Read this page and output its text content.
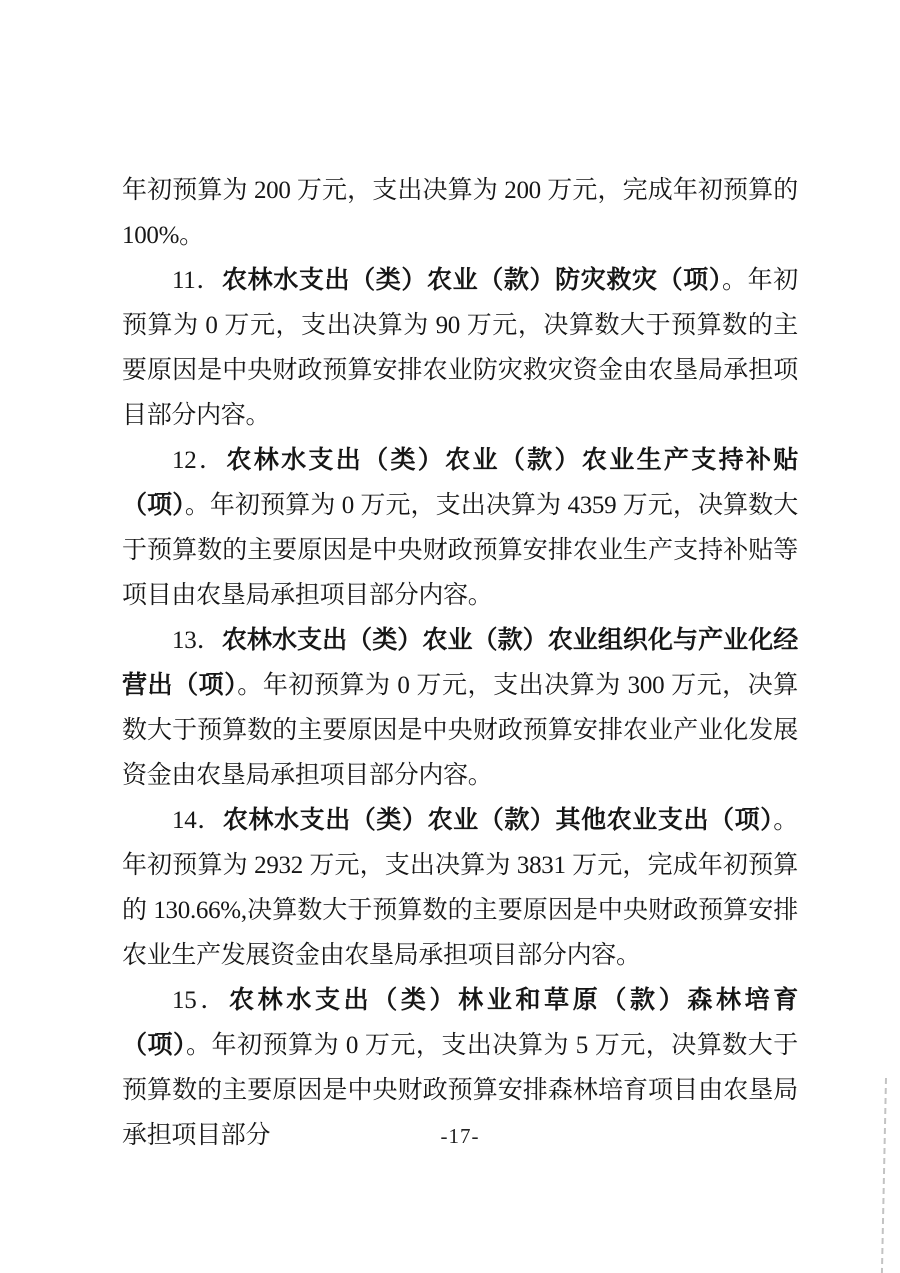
年初预算为 200 万元，支出决算为 200 万元，完成年初预算的 100%。

11．农林水支出（类）农业（款）防灾救灾（项）。年初预算为 0 万元，支出决算为 90 万元，决算数大于预算数的主要原因是中央财政预算安排农业防灾救灾资金由农垦局承担项目部分内容。

12．农林水支出（类）农业（款）农业生产支持补贴（项）。年初预算为 0 万元，支出决算为 4359 万元，决算数大于预算数的主要原因是中央财政预算安排农业生产支持补贴等项目由农垦局承担项目部分内容。

13．农林水支出（类）农业（款）农业组织化与产业化经营出（项）。年初预算为 0 万元，支出决算为 300 万元，决算数大于预算数的主要原因是中央财政预算安排农业产业化发展资金由农垦局承担项目部分内容。

14．农林水支出（类）农业（款）其他农业支出（项）。年初预算为 2932 万元，支出决算为 3831 万元，完成年初预算的 130.66%,决算数大于预算数的主要原因是中央财政预算安排农业生产发展资金由农垦局承担项目部分内容。

15．农林水支出（类）林业和草原（款）森林培育（项）。年初预算为 0 万元，支出决算为 5 万元，决算数大于预算数的主要原因是中央财政预算安排森林培育项目由农垦局承担项目部分	-17-
